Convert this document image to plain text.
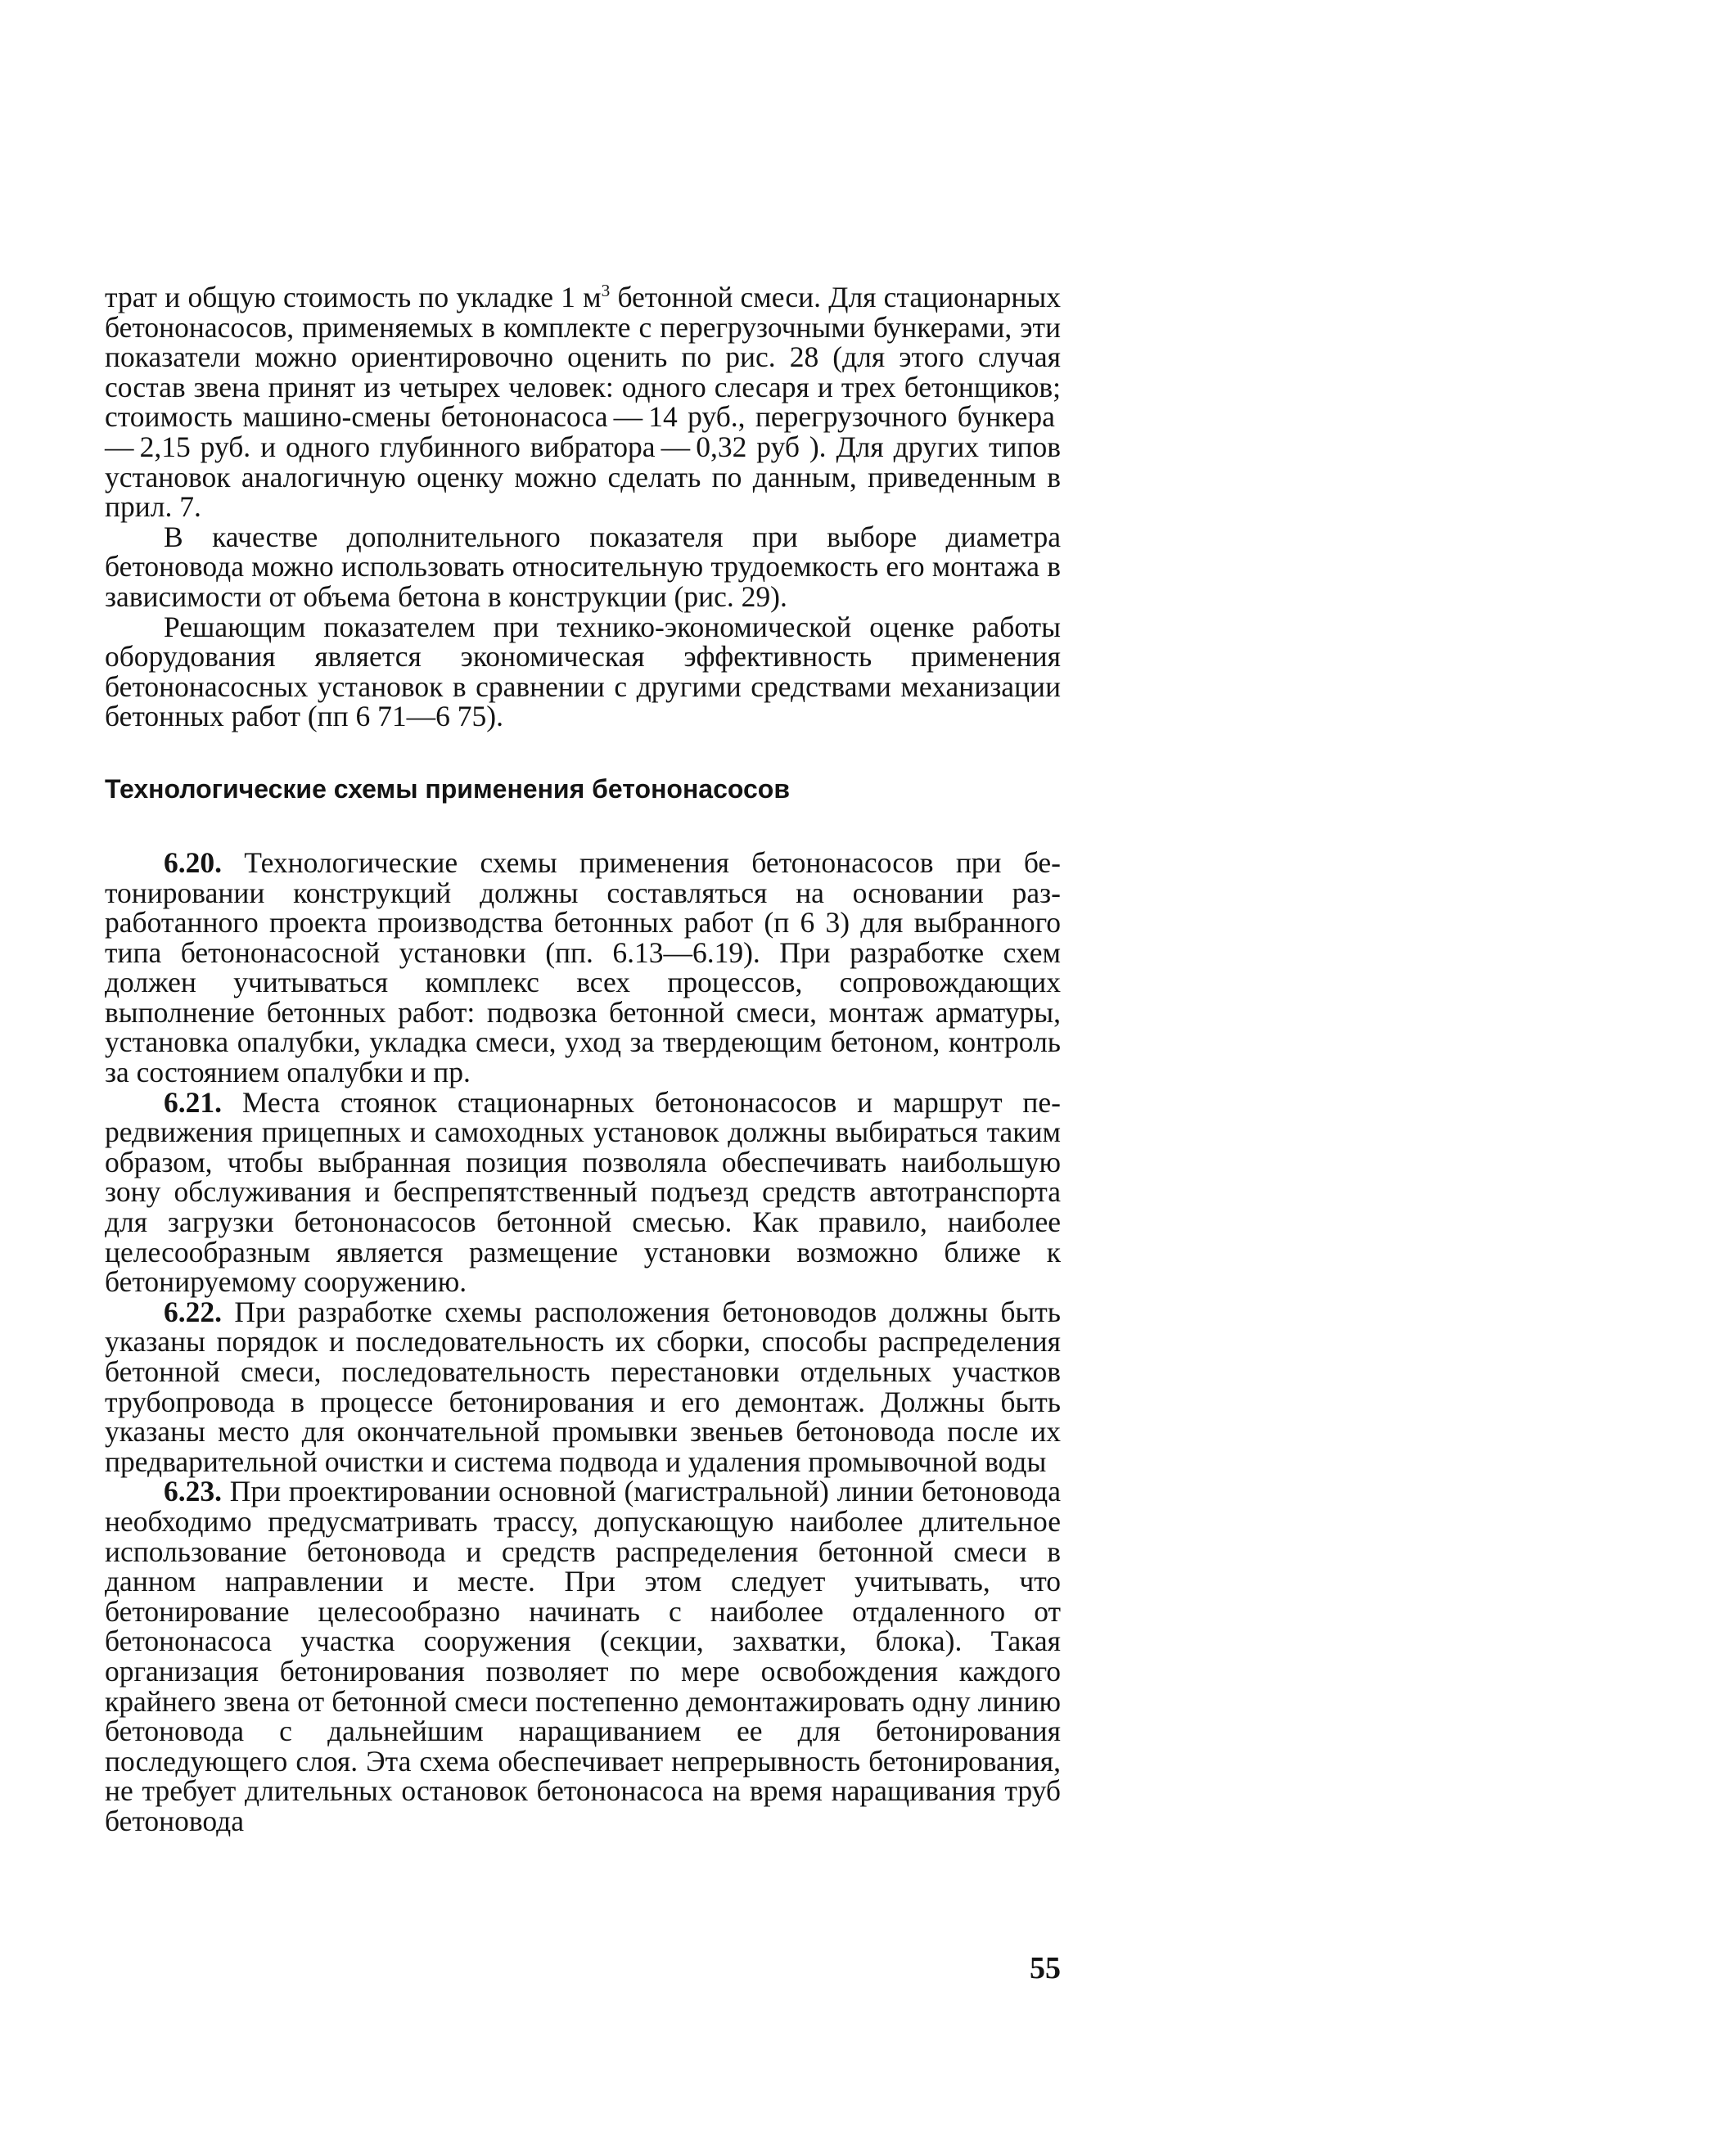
трат и общую стоимость по укладке 1 $м^3$ бетонной смеси. Для стационарных бетононасосов, применяемых в комплекте с перегрузочными бункерами, эти показатели можно ориентировочно оценить по рис. 28 (для этого случая состав звена принят из четырех человек: одного слесаря и трех бетонщиков; стоимость машино-смены бетононасоса — 14 руб., перегрузочного бункера — 2,15 руб. и одного глубинного вибратора — 0,32 руб ). Для других типов установок аналогичную оценку можно сделать по данным, приведенным в прил. 7.

В качестве дополнительного показателя при выборе диаметра бетоновода можно использовать относительную трудоемкость его монтажа в зависимости от объема бетона в конструкции (рис. 29).

Решающим показателем при технико-экономической оценке работы оборудования является экономическая эффективность применения бетононасосных установок в сравнении с другими средствами механизации бетонных работ (пп 6 71—6 75).

Технологические схемы применения бетононасосов

6.20. Технологические схемы применения бетононасосов при бетонировании конструкций должны составляться на основании разработанного проекта производства бетонных работ (п 6 3) для выбранного типа бетононасосной установки (пп. 6.13—6.19). При разработке схем должен учитываться комплекс всех процессов, сопровождающих выполнение бетонных работ: подвозка бетонной смеси, монтаж арматуры, установка опалубки, укладка смеси, уход за твердеющим бетоном, контроль за состоянием опалубки и пр.

6.21. Места стоянок стационарных бетононасосов и маршрут передвижения прицепных и самоходных установок должны выбираться таким образом, чтобы выбранная позиция позволяла обеспечивать наибольшую зону обслуживания и беспрепятственный подъезд средств автотранспорта для загрузки бетононасосов бетонной смесью. Как правило, наиболее целесообразным является размещение установки возможно ближе к бетонируемому сооружению.

6.22. При разработке схемы расположения бетоноводов должны быть указаны порядок и последовательность их сборки, способы распределения бетонной смеси, последовательность перестановки отдельных участков трубопровода в процессе бетонирования и его демонтаж. Должны быть указаны место для окончательной промывки звеньев бетоновода после их предварительной очистки и система подвода и удаления промывочной воды

6.23. При проектировании основной (магистральной) линии бетоновода необходимо предусматривать трассу, допускающую наиболее длительное использование бетоновода и средств распределения бетонной смеси в данном направлении и месте. При этом следует учитывать, что бетонирование целесообразно начинать с наиболее отдаленного от бетононасоса участка сооружения (секции, захватки, блока). Такая организация бетонирования позволяет по мере освобождения каждого крайнего звена от бетонной смеси постепенно демонтажировать одну линию бетоновода с дальнейшим наращиванием ее для бетонирования последующего слоя. Эта схема обеспечивает непрерывность бетонирования, не требует длительных остановок бетононасоса на время наращивания труб бетоновода

55
